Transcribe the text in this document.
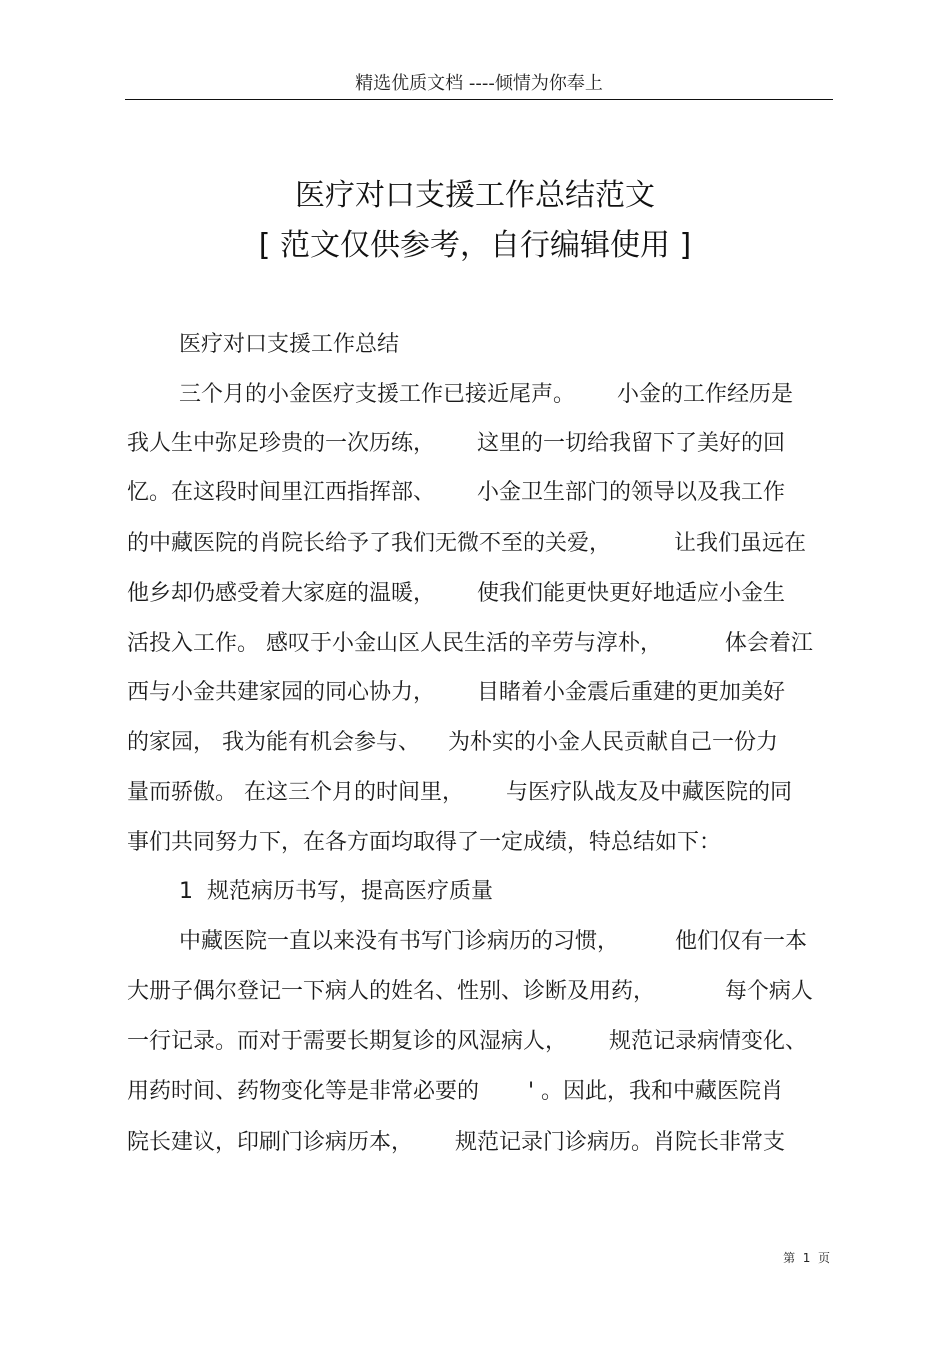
精选优质文档 ----倾情为你奉上
医疗对口支援工作总结范文
[ 范文仅供参考，自行编辑使用 ]
医疗对口支援工作总结
三个月的小金医疗支援工作已接近尾声。      小金的工作经历是
我人生中弥足珍贵的一次历练，      这里的一切给我留下了美好的回
忆。在这段时间里江西指挥部、      小金卫生部门的领导以及我工作
的中藏医院的肖院长给予了我们无微不至的关爱，         让我们虽远在
他乡却仍感受着大家庭的温暖，      使我们能更快更好地适应小金生
活投入工作。 感叹于小金山区人民生活的辛劳与淳朴，         体会着江
西与小金共建家园的同心协力，      目睹着小金震后重建的更加美好
的家园， 我为能有机会参与、    为朴实的小金人民贡献自己一份力
量而骄傲。 在这三个月的时间里，      与医疗队战友及中藏医院的同
事们共同努力下，在各方面均取得了一定成绩，特总结如下：
1  规范病历书写，提高医疗质量
中藏医院一直以来没有书写门诊病历的习惯，        他们仅有一本
大册子偶尔登记一下病人的姓名、性别、诊断及用药，          每个病人
一行记录。而对于需要长期复诊的风湿病人，      规范记录病情变化、
用药时间、药物变化等是非常必要的       ' 。因此，我和中藏医院肖
院长建议，印刷门诊病历本，      规范记录门诊病历。肖院长非常支
第  1  页
